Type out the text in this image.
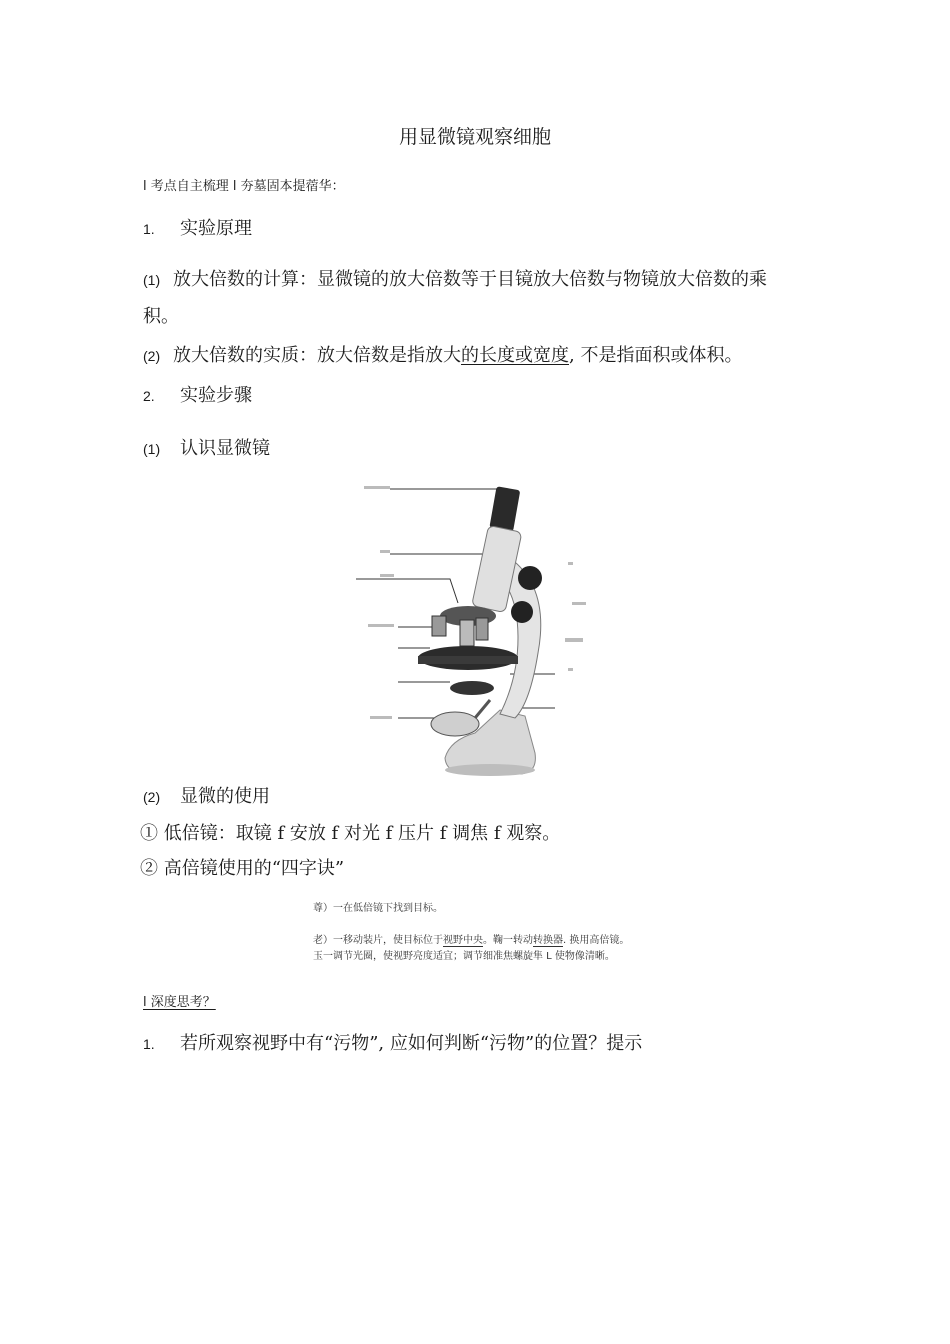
用显微镜观察细胞
l 考点自主梳理 l 夯墓固本提蓿华：
1. 实验原理
(1) 放大倍数的计算：显微镜的放大倍数等于目镜放大倍数与物镜放大倍数的乘
积。
(2) 放大倍数的实质：放大倍数是指放大的长度或宽度, 不是指面积或体积。
2. 实验步骤
(1) 认识显微镜
(2) 显微的使用
① 低倍镜：取镜 f 安放 f 对光 f 压片 f 调焦 f 观察。
② 高倍镜使用的“四字诀”
尊）一在低倍镜下找到目标。
老）一移动装片，使目标位于视野中央。鞠一转动转换器. 换用高倍镜。
玉一调节光圈，使视野亮度适宜；调节细准焦螺旋隼 L 使物像清晰。
l 深度思考？
1. 若所观察视野中有“污物”, 应如何判断“污物”的位置？提示
